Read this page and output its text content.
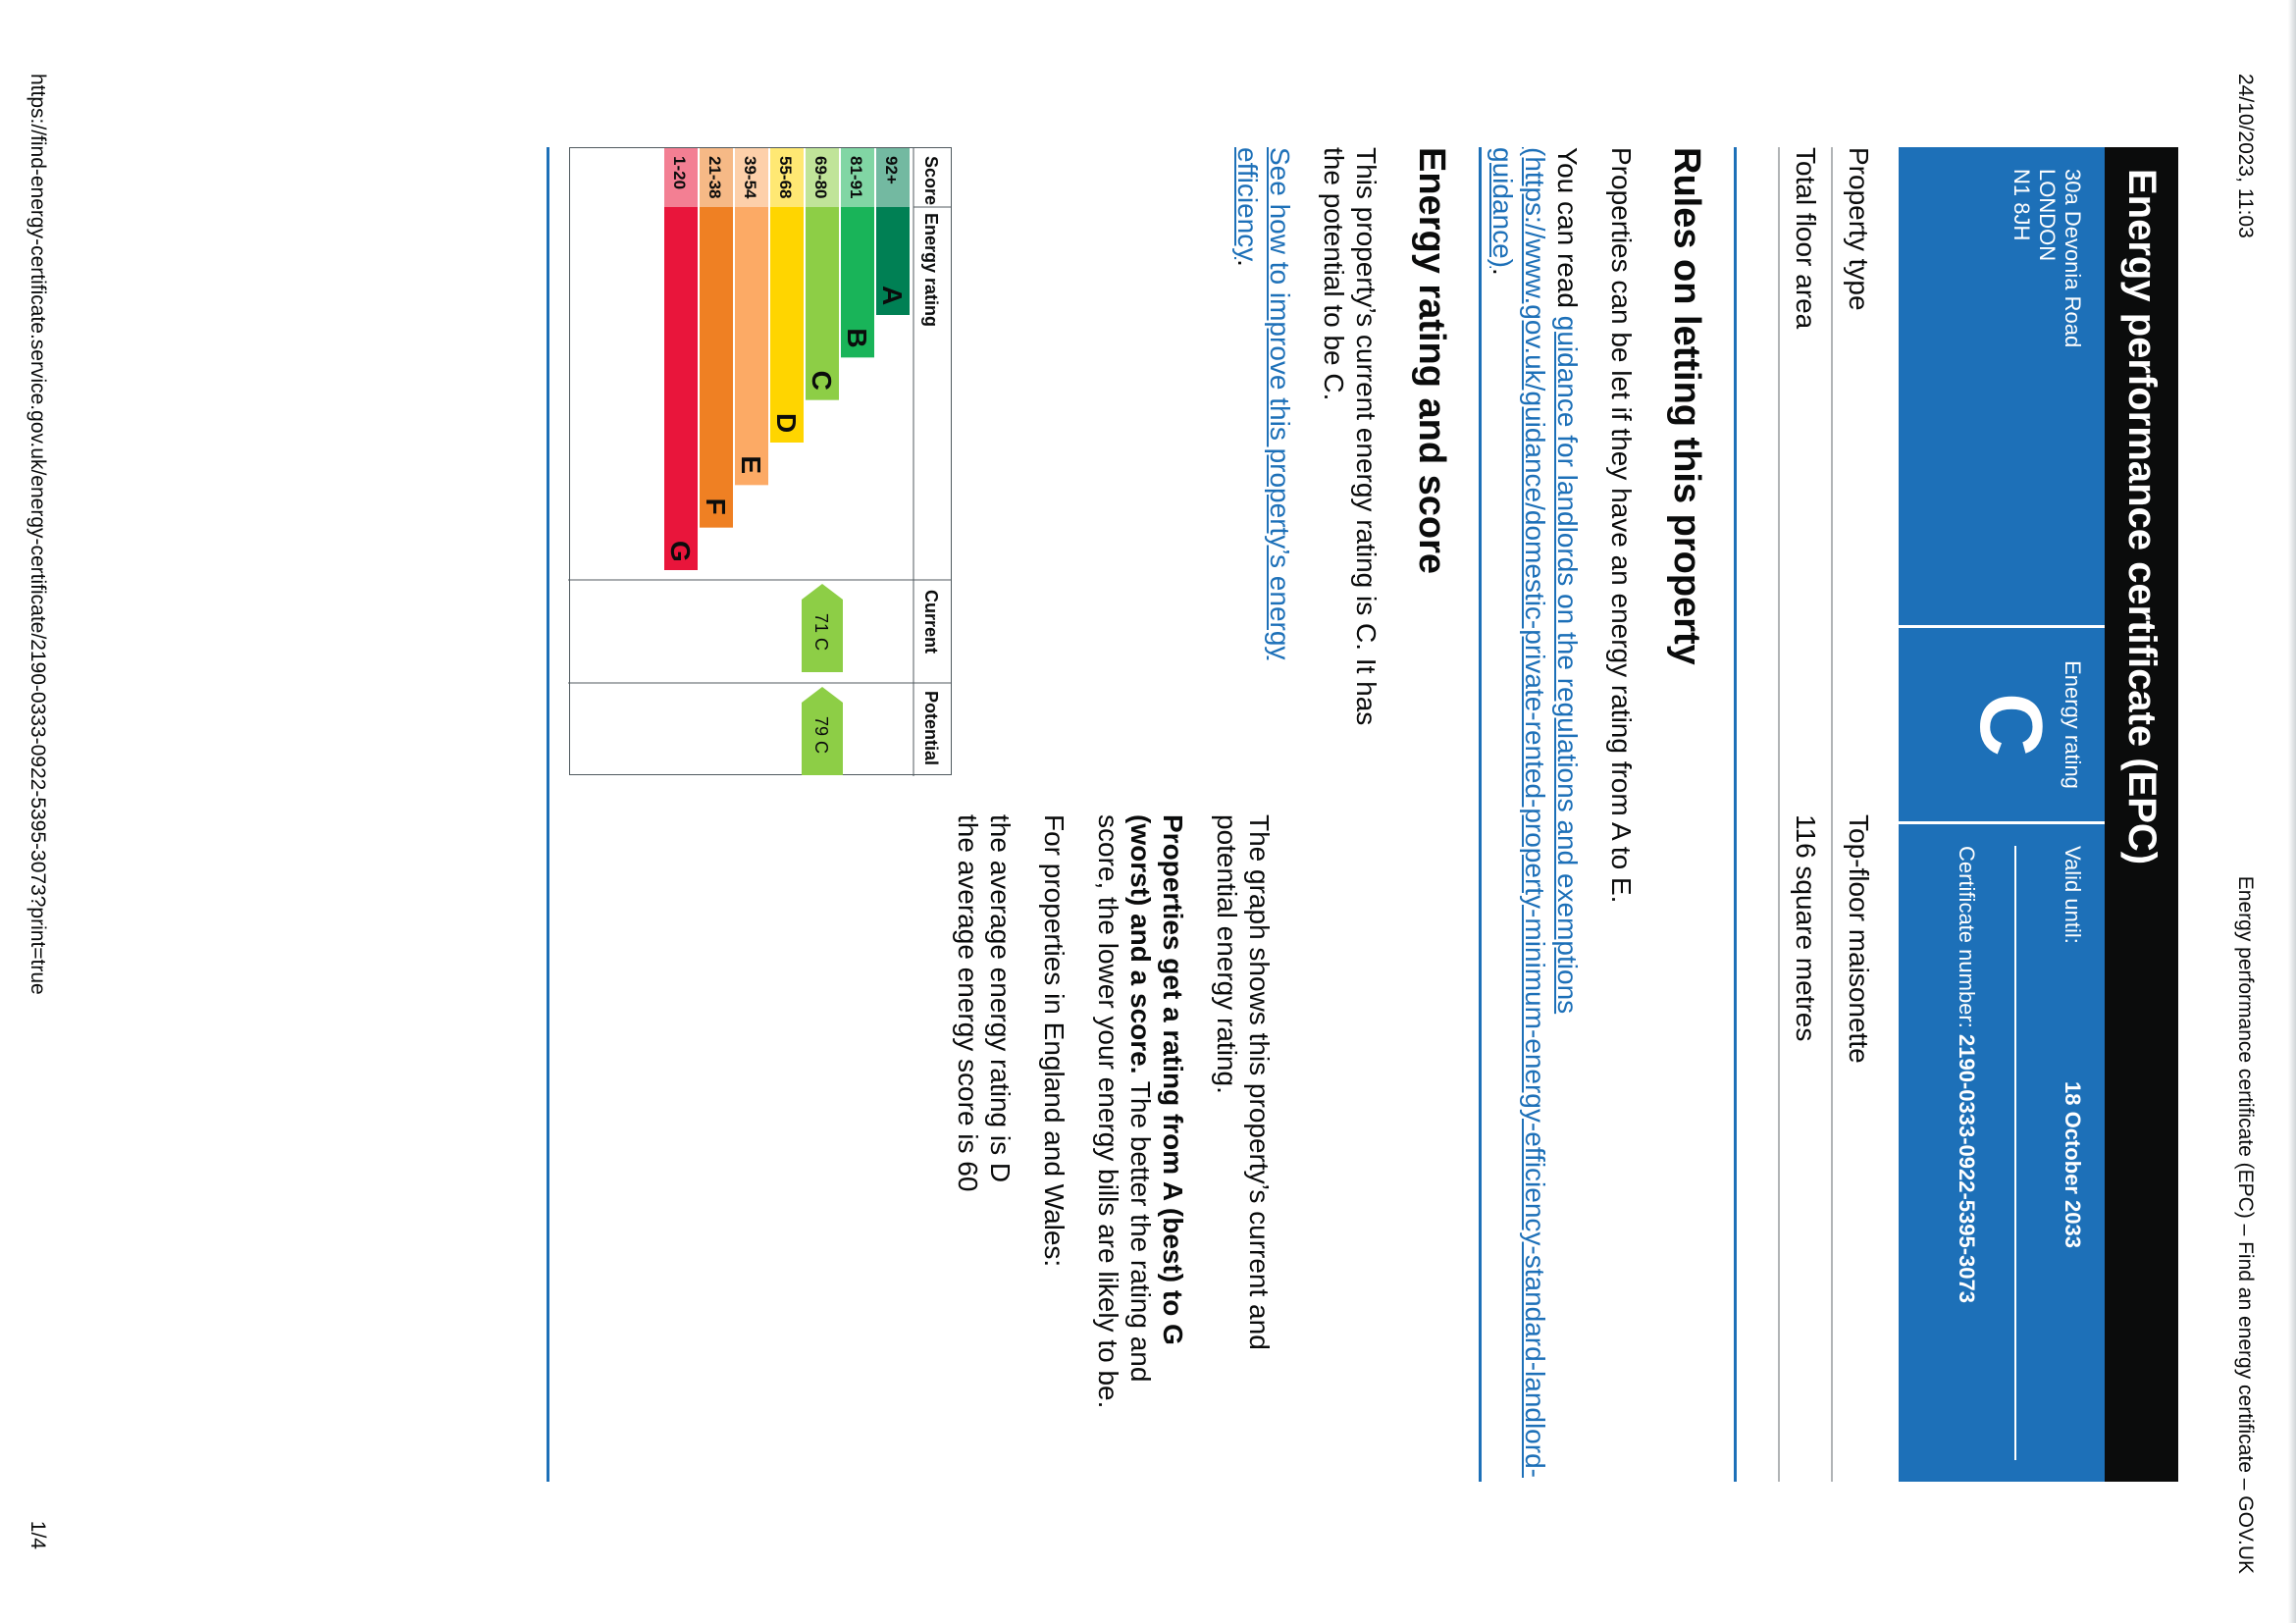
24/10/2023, 11:03
Energy performance certificate (EPC) – Find an energy certificate – GOV.UK
Energy performance certificate (EPC)
30a Devonia Road
LONDON
N1 8JH
Energy rating
C
Valid until:
18 October 2033
Certificate number: 2190-0333-0922-5395-3073
Property type
Top-floor maisonette
Total floor area
116 square metres
Rules on letting this property

Properties can be let if they have an energy rating from A to E.

You can read guidance for landlords on the regulations and exemptions (https://www.gov.uk/guidance/domestic-private-rented-property-minimum-energy-efficiency-standard-landlord-guidance).

Energy rating and score

This property’s current energy rating is C. It has the potential to be C.

See how to improve this property’s energy efficiency.

The graph shows this property’s current and potential energy rating.

Properties get a rating from A (best) to G (worst) and a score. The better the rating and score, the lower your energy bills are likely to be.

For properties in England and Wales:

the average energy rating is D

the average energy score is 60

Score
Energy rating
Current
Potential
92+
A
81-91
B
69-80
C
55-68
D
39-54
E
21-38
F
1-20
G
71 C
79 C
https://find-energy-certificate.service.gov.uk/energy-certificate/2190-0333-0922-5395-3073?print=true
1/4
